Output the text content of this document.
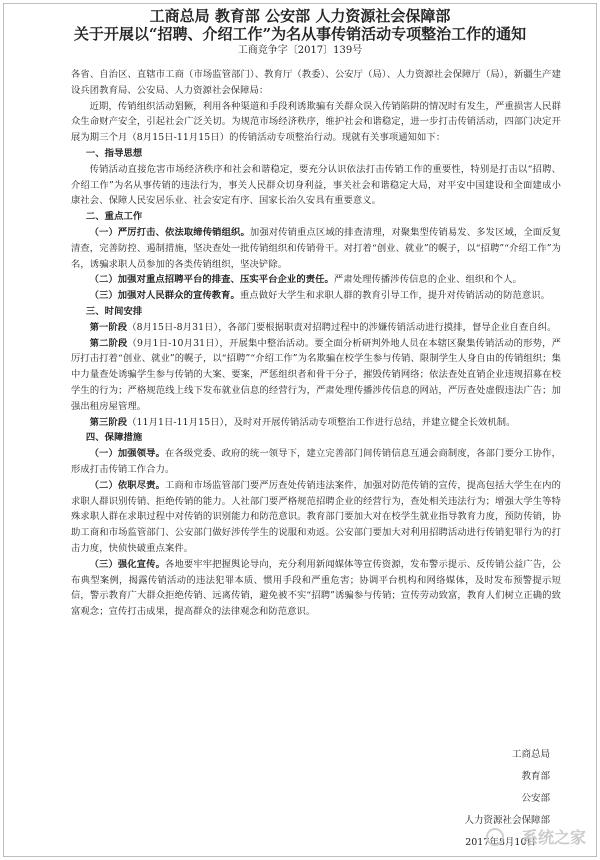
工商总局 教育部 公安部 人力资源社会保障部
关于开展以“招聘、介绍工作”为名从事传销活动专项整治工作的通知
工商竞争字〔2017〕139号

各省、自治区、直辖市工商（市场监管部门）、教育厅（教委）、公安厅（局）、人力资源社会保障厅（局），新疆生产建设兵团教育局、公安局、人力资源社会保障局：

近期，传销组织活动猖獗，利用各种渠道和手段利诱欺骗有关群众误入传销陷阱的情况时有发生，严重损害人民群众生命财产安全，引起社会广泛关切。为规范市场经济秩序，维护社会和谐稳定，进一步打击传销活动，四部门决定开展为期三个月（8月15日-11月15日）的传销活动专项整治行动。现就有关事项通知如下：

一、指导思想

传销活动直接危害市场经济秩序和社会和谐稳定，要充分认识依法打击传销工作的重要性，特别是打击以“招聘、介绍工作”为名从事传销的违法行为，事关人民群众切身利益，事关社会和谐稳定大局，对平安中国建设和全面建成小康社会、保障人民安居乐业、社会安定有序、国家长治久安具有重要意义。

二、重点工作

（一）严厉打击、依法取缔传销组织。加强对传销重点区域的排查清理，对聚集型传销易发、多发区域，全面反复清查，完善防控、遏制措施，坚决查处一批传销组织和传销骨干。对打着“创业、就业”的幌子，以“招聘”“介绍工作”为名，诱骗求职人员参加的各类传销组织，坚决铲除。

（二）加强对重点招聘平台的排查、压实平台企业的责任。严肃处理传播涉传信息的企业、组织和个人。

（三）加强对人民群众的宣传教育。重点做好大学生和求职人群的教育引导工作，提升对传销活动的防范意识。

三、时间安排

第一阶段（8月15日-8月31日），各部门要根据职责对招聘过程中的涉嫌传销活动进行摸排，督导企业自查自纠。

第二阶段（9月1日-10月31日），开展集中整治活动。要全面分析研判外地人员在本辖区聚集传销活动的形势，严厉打击打着“创业、就业”的幌子，以“招聘”“介绍工作”为名欺骗在校学生参与传销、限制学生人身自由的传销组织；集中力量查处诱骗学生参与传销的大案、要案，严惩组织者和骨干分子，摧毁传销网络；依法查处直销企业违规招募在校学生的行为；严格规范线上线下发布就业信息的经营行为，严肃处理传播涉传信息的网站，严厉查处虚假违法广告；加强出租房屋管理。

第三阶段（11月1日-11月15日），及时对开展传销活动专项整治工作进行总结，并建立健全长效机制。

四、保障措施

（一）加强领导。在各级党委、政府的统一领导下，建立完善部门间传销信息互通会商制度，各部门要分工协作，形成打击传销工作合力。

（二）依职尽责。工商和市场监管部门要严厉查处传销违法案件，加强对防范传销的宣传，提高包括大学生在内的求职人群识别传销、拒绝传销的能力。人社部门要严格规范招聘企业的经营行为，查处相关违法行为；增强大学生等特殊求职人群在求职过程中对传销的识别能力和防范意识。教育部门要加大对在校学生就业指导教育力度，预防传销，协助工商和市场监管部门、公安部门做好涉传学生的说服和劝返。公安部门要加大对利用招聘活动进行传销犯罪行为的打击力度，快侦快破重点案件。

（三）强化宣传。各地要牢牢把握舆论导向，充分利用新闻媒体等宣传资源，发布警示提示、反传销公益广告，公布典型案例，揭露传销活动的违法犯罪本质、惯用手段和严重危害；协调平台机构和网络媒体，及时发布预警提示短信，警示教育广大群众拒绝传销、远离传销，避免被不实“招聘”诱骗参与传销；宣传劳动致富，教育人们树立正确的致富观念；宣传打击成果，提高群众的法律观念和防范意识。

工商总局
教育部
公安部
人力资源社会保障部
2017年8月10日
系统之家
